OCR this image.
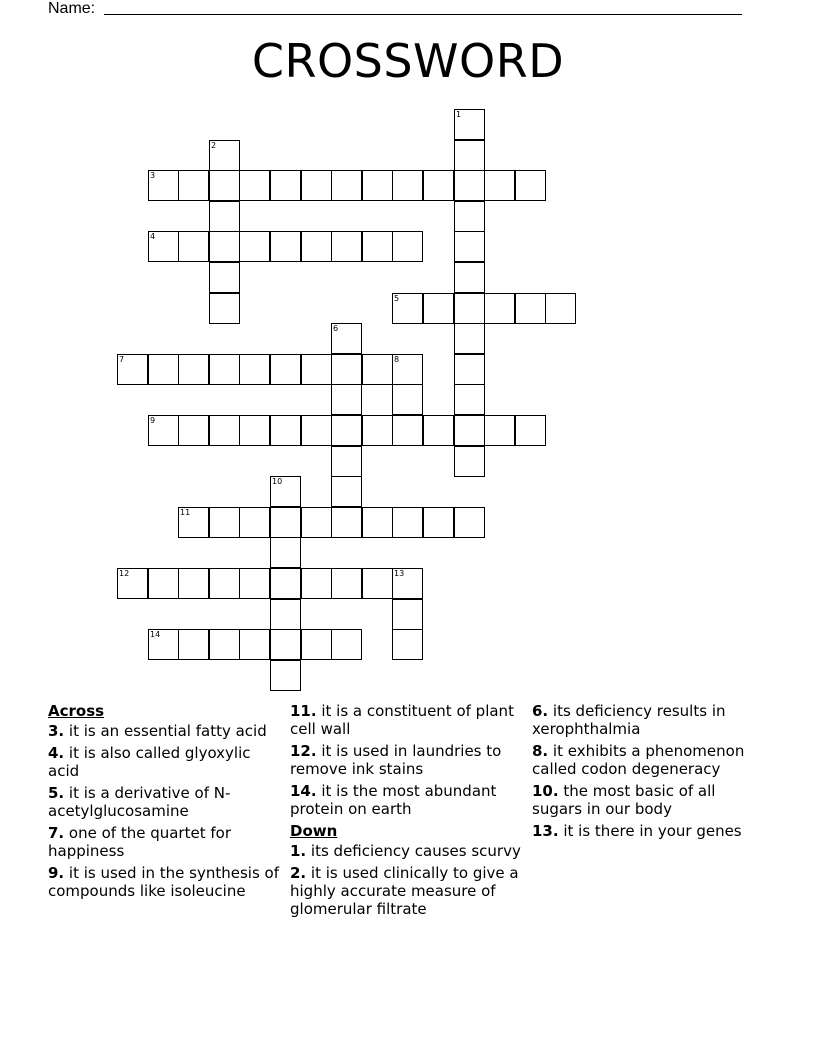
Name:
CROSSWORD
1
2
3
4
5
6
7	8
9
10
11
12	13
14
Across
3. it is an essential fatty acid
4. it is also called glyoxylic acid
5. it is a derivative of N-acetylglucosamine
7. one of the quartet for happiness
9. it is used in the synthesis of compounds like isoleucine
11. it is a constituent of plant cell wall
12. it is used in laundries to remove ink stains
14. it is the most abundant protein on earth
Down
1. its deficiency causes scurvy
2. it is used clinically to give a highly accurate measure of glomerular filtrate
6. its deficiency results in xerophthalmia
8. it exhibits a phenomenon called codon degeneracy
10. the most basic of all sugars in our body
13. it is there in your genes
